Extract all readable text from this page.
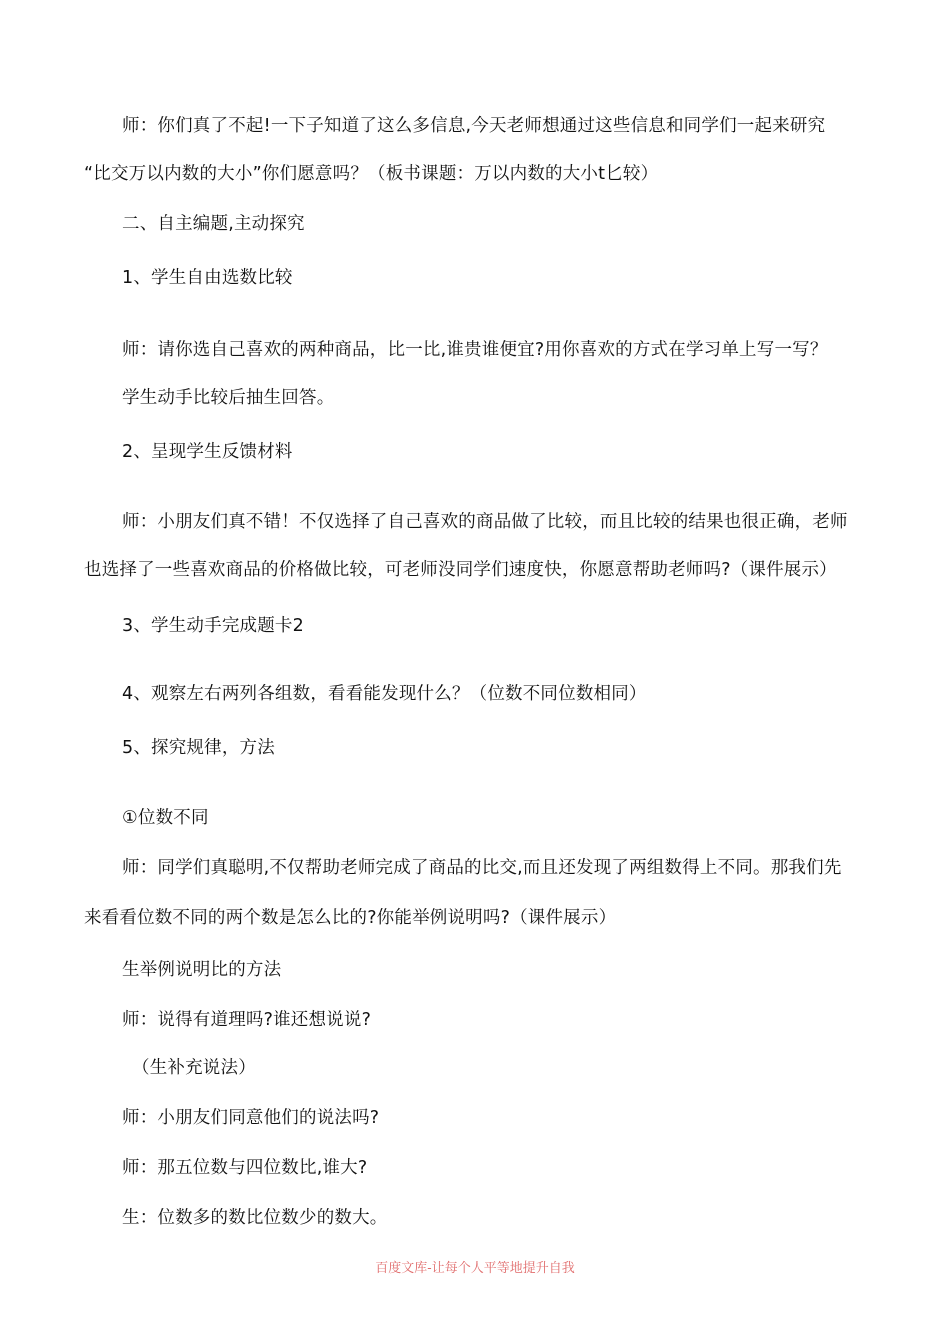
师：你们真了不起!一下子知道了这么多信息,今天老师想通过这些信息和同学们一起来研究
“比交万以内数的大小”你们愿意吗？（板书课题：万以内数的大小t匕较）
二、自主编题,主动探究
1、学生自由选数比较
师：请你选自己喜欢的两种商品，比一比,谁贵谁便宜?用你喜欢的方式在学习单上写一写？
学生动手比较后抽生回答。
2、呈现学生反馈材料
师：小朋友们真不错！不仅选择了自己喜欢的商品做了比较，而且比较的结果也很正确，老师
也选择了一些喜欢商品的价格做比较，可老师没同学们速度快，你愿意帮助老师吗?（课件展示）
3、学生动手完成题卡2
4、观察左右两列各组数，看看能发现什么？（位数不同位数相同）
5、探究规律，方法
①位数不同
师：同学们真聪明,不仅帮助老师完成了商品的比交,而且还发现了两组数得上不同。那我们先
来看看位数不同的两个数是怎么比的?你能举例说明吗?（课件展示）
生举例说明比的方法
师：说得有道理吗?谁还想说说?
（生补充说法）
师：小朋友们同意他们的说法吗?
师：那五位数与四位数比,谁大?
生：位数多的数比位数少的数大。
百度文库-让每个人平等地提升自我
